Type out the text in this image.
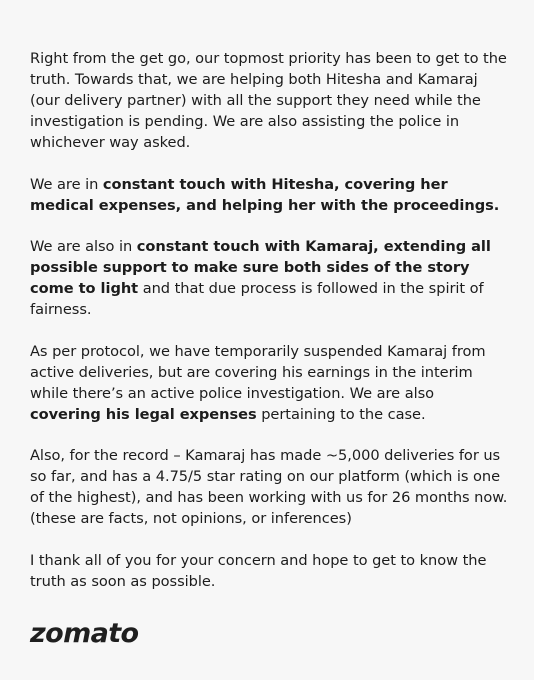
Right from the get go, our topmost priority has been to get to the truth. Towards that, we are helping both Hitesha and Kamaraj (our delivery partner) with all the support they need while the investigation is pending. We are also assisting the police in whichever way asked.

We are in constant touch with Hitesha, covering her medical expenses, and helping her with the proceedings.

We are also in constant touch with Kamaraj, extending all possible support to make sure both sides of the story come to light and that due process is followed in the spirit of fairness.

As per protocol, we have temporarily suspended Kamaraj from active deliveries, but are covering his earnings in the interim while there’s an active police investigation. We are also covering his legal expenses pertaining to the case.

Also, for the record – Kamaraj has made ~5,000 deliveries for us so far, and has a 4.75/5 star rating on our platform (which is one of the highest), and has been working with us for 26 months now. (these are facts, not opinions, or inferences)

I thank all of you for your concern and hope to get to know the truth as soon as possible.

zomato
